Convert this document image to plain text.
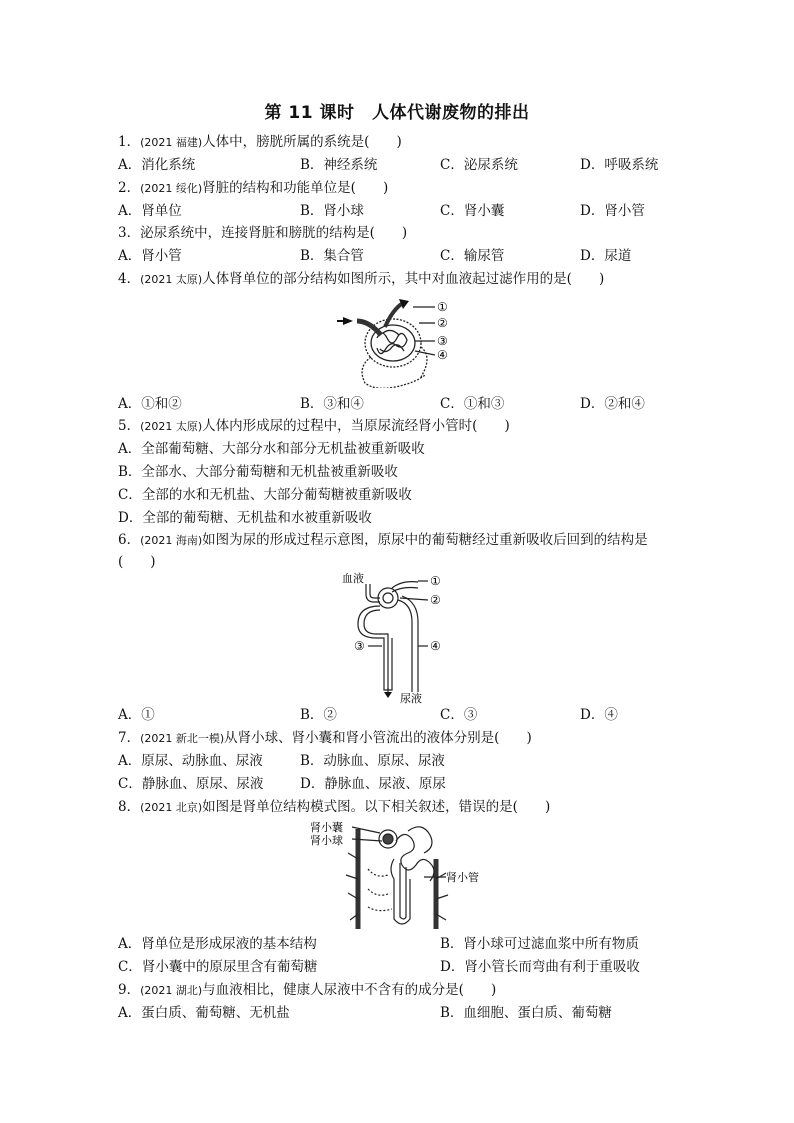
第 11 课时　人体代谢废物的排出
1．(2021 福建)人体中，膀胱所属的系统是(　　)
A．消化系统	B．神经系统	C．泌尿系统	D．呼吸系统
2．(2021 绥化)肾脏的结构和功能单位是(　　)
A．肾单位	B．肾小球	C．肾小囊	D．肾小管
3．泌尿系统中，连接肾脏和膀胱的结构是(　　)
A．肾小管	B．集合管	C．输尿管	D．尿道
4．(2021 太原)人体肾单位的部分结构如图所示，其中对血液起过滤作用的是(　　)
①
②
③
④
A．①和②	B．③和④	C．①和③	D．②和④
5．(2021 太原)人体内形成尿的过程中，当原尿流经肾小管时(　　)
A．全部葡萄糖、大部分水和部分无机盐被重新吸收
B．全部水、大部分葡萄糖和无机盐被重新吸收
C．全部的水和无机盐、大部分葡萄糖被重新吸收
D．全部的葡萄糖、无机盐和水被重新吸收
6．(2021 海南)如图为尿的形成过程示意图，原尿中的葡萄糖经过重新吸收后回到的结构是
(　　)
血液	①
②
③	④
尿液
A．①	B．②	C．③	D．④
7．(2021 新北一模)从肾小球、肾小囊和肾小管流出的液体分别是(　　)
A．原尿、动脉血、尿液	B．动脉血、原尿、尿液
C．静脉血、原尿、尿液	D．静脉血、尿液、原尿
8．(2021 北京)如图是肾单位结构模式图。以下相关叙述，错误的是(　　)
肾小囊
肾小球
肾小管
A．肾单位是形成尿液的基本结构	B．肾小球可过滤血浆中所有物质
C．肾小囊中的原尿里含有葡萄糖	D．肾小管长而弯曲有利于重吸收
9．(2021 湖北)与血液相比，健康人尿液中不含有的成分是(　　)
A．蛋白质、葡萄糖、无机盐	B．血细胞、蛋白质、葡萄糖
